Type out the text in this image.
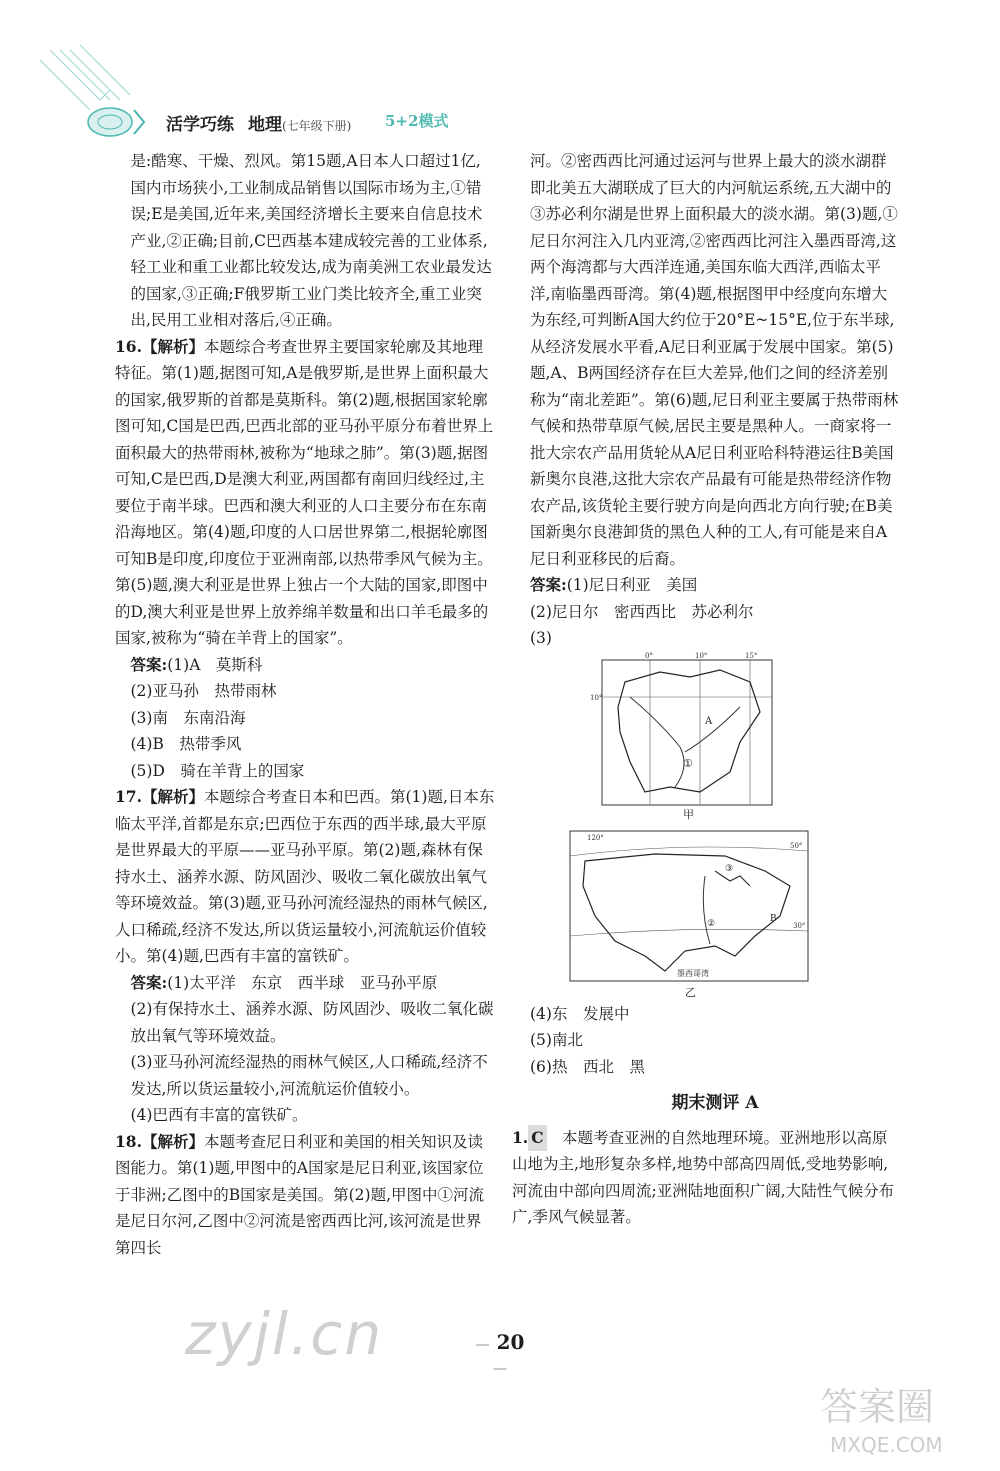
活学巧练 地理(七年级下册) 5+2模式

是:酷寒、干燥、烈风。第15题,A日本人口超过1亿,国内市场狭小,工业制成品销售以国际市场为主,①错误;E是美国,近年来,美国经济增长主要来自信息技术产业,②正确;目前,C巴西基本建成较完善的工业体系,轻工业和重工业都比较发达,成为南美洲工农业最发达的国家,③正确;F俄罗斯工业门类比较齐全,重工业突出,民用工业相对落后,④正确。

16.【解析】本题综合考查世界主要国家轮廓及其地理特征。第(1)题,据图可知,A是俄罗斯,是世界上面积最大的国家,俄罗斯的首都是莫斯科。第(2)题,根据国家轮廓图可知,C国是巴西,巴西北部的亚马孙平原分布着世界上面积最大的热带雨林,被称为“地球之肺”。第(3)题,据图可知,C是巴西,D是澳大利亚,两国都有南回归线经过,主要位于南半球。巴西和澳大利亚的人口主要分布在东南沿海地区。第(4)题,印度的人口居世界第二,根据轮廓图可知B是印度,印度位于亚洲南部,以热带季风气候为主。第(5)题,澳大利亚是世界上独占一个大陆的国家,即图中的D,澳大利亚是世界上放养绵羊数量和出口羊毛最多的国家,被称为“骑在羊背上的国家”。

答案:(1)A　莫斯科

(2)亚马孙　热带雨林

(3)南　东南沿海

(4)B　热带季风

(5)D　骑在羊背上的国家

17.【解析】本题综合考查日本和巴西。第(1)题,日本东临太平洋,首都是东京;巴西位于东西的西半球,最大平原是世界最大的平原——亚马孙平原。第(2)题,森林有保持水土、涵养水源、防风固沙、吸收二氧化碳放出氧气等环境效益。第(3)题,亚马孙河流经湿热的雨林气候区,人口稀疏,经济不发达,所以货运量较小,河流航运价值较小。第(4)题,巴西有丰富的富铁矿。

答案:(1)太平洋　东京　西半球　亚马孙平原

(2)有保持水土、涵养水源、防风固沙、吸收二氧化碳放出氧气等环境效益。

(3)亚马孙河流经湿热的雨林气候区,人口稀疏,经济不发达,所以货运量较小,河流航运价值较小。

(4)巴西有丰富的富铁矿。

18.【解析】本题考查尼日利亚和美国的相关知识及读图能力。第(1)题,甲图中的A国家是尼日利亚,该国家位于非洲;乙图中的B国家是美国。第(2)题,甲图中①河流是尼日尔河,乙图中②河流是密西西比河,该河流是世界第四长

河。②密西西比河通过运河与世界上最大的淡水湖群即北美五大湖联成了巨大的内河航运系统,五大湖中的③苏必利尔湖是世界上面积最大的淡水湖。第(3)题,①尼日尔河注入几内亚湾,②密西西比河注入墨西哥湾,这两个海湾都与大西洋连通,美国东临大西洋,西临太平洋,南临墨西哥湾。第(4)题,根据图甲中经度向东增大为东经,可判断A国大约位于20°E~15°E,位于东半球,从经济发展水平看,A尼日利亚属于发展中国家。第(5)题,A、B两国经济存在巨大差异,他们之间的经济差别称为“南北差距”。第(6)题,尼日利亚主要属于热带雨林气候和热带草原气候,居民主要是黑种人。一商家将一批大宗农产品用货轮从A尼日利亚哈科特港运往B美国新奥尔良港,这批大宗农产品最有可能是热带经济作物农产品,该货轮主要行驶方向是向西北方向行驶;在B美国新奥尔良港卸货的黑色人种的工人,有可能是来自A尼日利亚移民的后裔。

答案:(1)尼日利亚　美国

(2)尼日尔　密西西比　苏必利尔

(3)

A
①
10°
0°	10°	15°
甲
墨西哥湾
B
③
②
50°
30°
120°
乙

(4)东　发展中

(5)南北

(6)热　西北　黑

期末测评 A

1. C　 本题考查亚洲的自然地理环境。亚洲地形以高原山地为主,地形复杂多样,地势中部高四周低,受地势影响,河流由中部向四周流;亚洲陆地面积广阔,大陆性气候分布广,季风气候显著。

— 20 —
zyjl.cn
答案圈
MXQE.COM
